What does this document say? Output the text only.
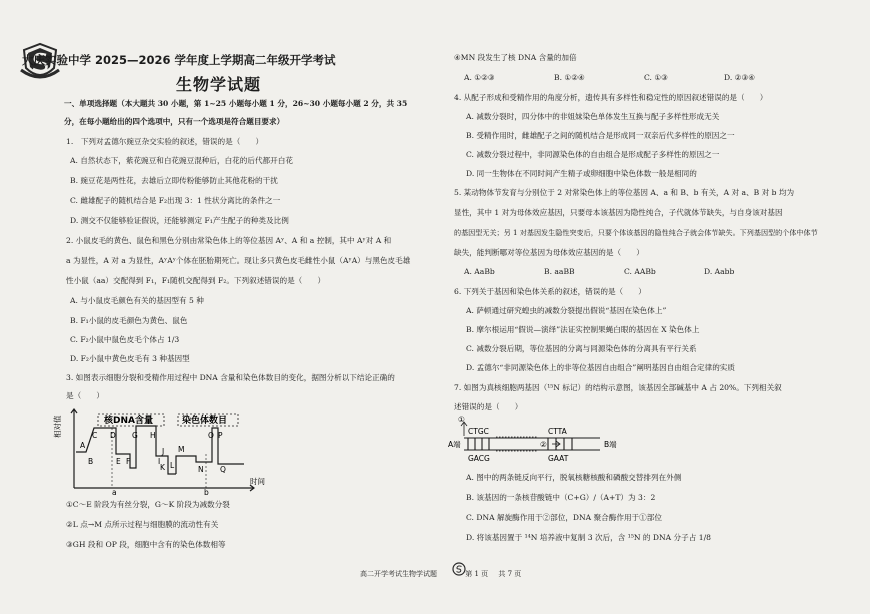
大庆实验中学 2025—2026 学年度上学期高二年级开学考试
生物学试题
一、单项选择题（本大题共 30 小题，第 1~25 小题每小题 1 分，26~30 小题每小题 2 分，共 35
分，在每小题给出的四个选项中，只有一个选项是符合题目要求）
1.　下列对孟德尔豌豆杂交实验的叙述，错误的是（　　）
A. 自然状态下，紫花豌豆和白花豌豆混种后，白花的后代都开白花
B. 豌豆花是两性花，去雄后立即传粉能够防止其他花粉的干扰
C. 雌雄配子的随机结合是 F₂出现 3：1 性状分离比的条件之一
D. 测交不仅能够验证假说，还能够测定 F₁产生配子的种类及比例
2. 小鼠皮毛的黄色、鼠色和黑色分别由常染色体上的等位基因 Aʸ、A 和 a 控制，其中 Aʸ对 A 和
a 为显性，A 对 a 为显性，AʸAʸ个体在胚胎期死亡。现让多只黄色皮毛雌性小鼠（AʸA）与黑色皮毛雄
性小鼠（aa）交配得到 F₁，F₁随机交配得到 F₂。下列叙述错误的是（　　）
A. 与小鼠皮毛颜色有关的基因型有 5 种
B. F₁小鼠的皮毛颜色为黄色、鼠色
C. F₂小鼠中鼠色皮毛个体占 1/3
D. F₂小鼠中黄色皮毛有 3 种基因型
3. 如图表示细胞分裂和受精作用过程中 DNA 含量和染色体数目的变化，据图分析以下结论正确的
是（　　）
①C～E 阶段为有丝分裂，G～K 阶段为减数分裂
②L 点→M 点所示过程与细胞膜的流动性有关
③GH 段和 OP 段，细胞中含有的染色体数相等
相对值	核DNA含量	染色体数目
时间
A
B
C D
E F
G H
I
J
K L
M
N
O P
Q
a	b
④MN 段发生了核 DNA 含量的加倍
A. ①②③	B. ①②④	C. ①③	D. ②③④
4. 从配子形成和受精作用的角度分析，遗传具有多样性和稳定性的原因叙述错误的是（　　）
A. 减数分裂时，四分体中的非姐妹染色单体发生互换与配子多样性形成无关
B. 受精作用时，雌雄配子之间的随机结合是形成同一双亲后代多样性的原因之一
C. 减数分裂过程中，非同源染色体的自由组合是形成配子多样性的原因之一
D. 同一生物体在不同时间产生精子或卵细胞中染色体数一般是相同的
5. 某动物体节发育与分别位于 2 对常染色体上的等位基因 A、a 和 B、b 有关，A 对 a、B 对 b 均为
显性，其中 1 对为母体效应基因，只要母本该基因为隐性纯合，子代就体节缺失，与自身该对基因
的基因型无关；另 1 对基因发生隐性突变后，只要个体该基因的隐性纯合子就会体节缺失。下列基因型的个体中体节
缺失，能判断哪对等位基因为母体效应基因的是（　　）
A. AaBb	B. aaBB	C. AABb	D. Aabb
6. 下列关于基因和染色体关系的叙述，错误的是（　　）
A. 萨顿通过研究蝗虫的减数分裂提出假说“基因在染色体上”
B. 摩尔根运用“假说—演绎”法证实控制果蝇白眼的基因在 X 染色体上
C. 减数分裂后期，等位基因的分离与同源染色体的分离具有平行关系
D. 孟德尔“非同源染色体上的非等位基因自由组合”阐明基因自由组合定律的实质
7. 如图为真核细胞两基因（¹⁵N 标记）的结构示意图，该基因全部碱基中 A 占 20%。下列相关叙
述错误的是（　　）
A. 图中的两条链反向平行，脱氧核糖核酸和磷酸交替排列在外侧
B. 该基因的一条核苷酸链中（C+G）/（A+T）为 3：2
C. DNA 解旋酶作用于②部位，DNA 聚合酶作用于①部位
D. 将该基因置于 ¹⁴N 培养液中复制 3 次后，含 ¹⁵N 的 DNA 分子占 1/8
CTGC	CTTA
GACG	GAAT
A端	B端
①
②
高二开学考试生物学试题	第 1 页 共 7 页
